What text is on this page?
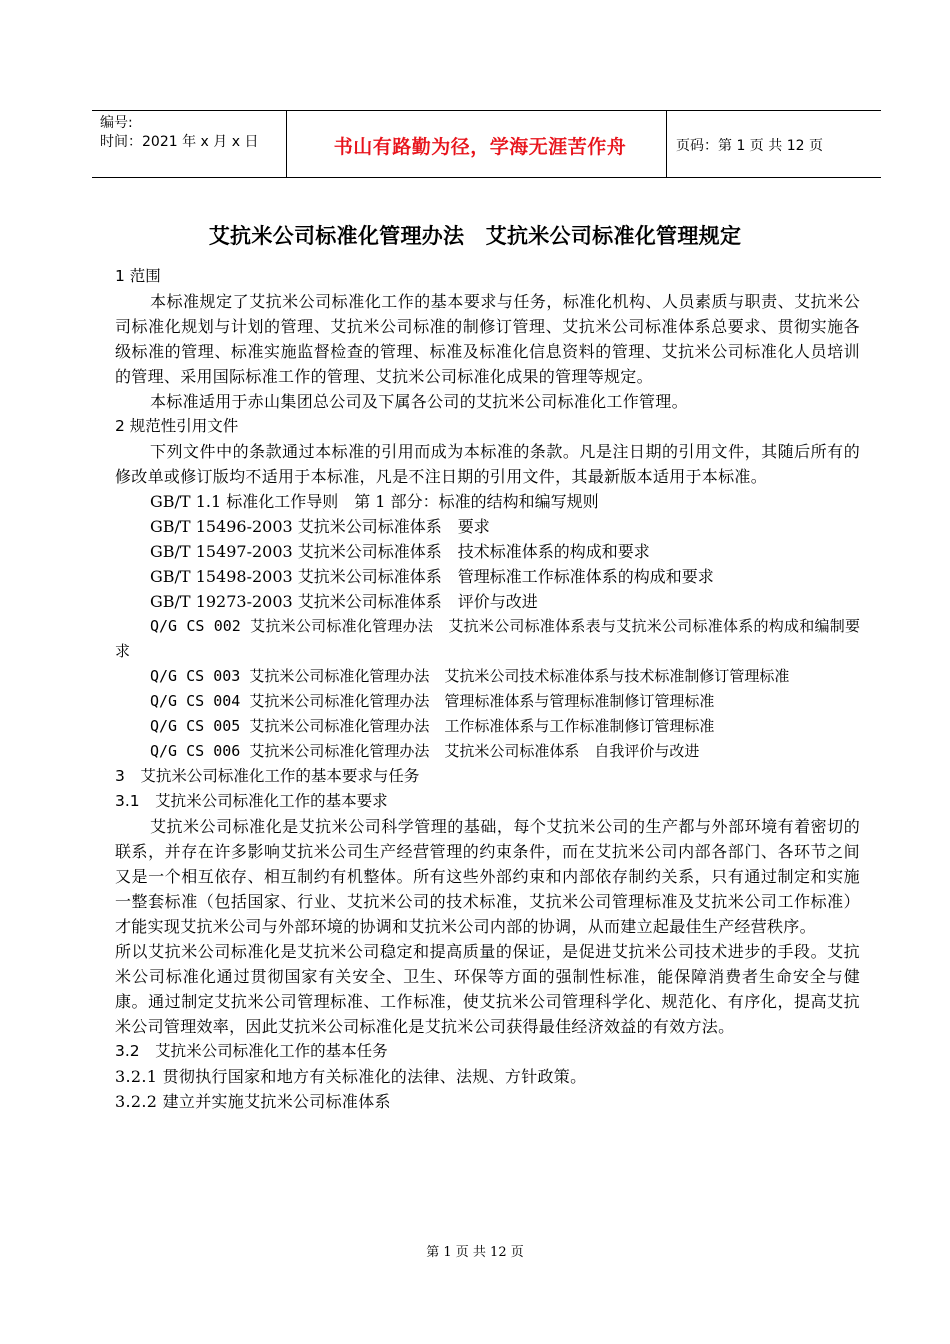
编号:
时间：2021 年 x 月 x 日	书山有路勤为径，学海无涯苦作舟	页码：第 1 页 共 12 页
艾抗米公司标准化管理办法　艾抗米公司标准化管理规定
1 范围
本标准规定了艾抗米公司标准化工作的基本要求与任务，标准化机构、人员素质与职责、艾抗米公司标准化规划与计划的管理、艾抗米公司标准的制修订管理、艾抗米公司标准体系总要求、贯彻实施各级标准的管理、标准实施监督检查的管理、标准及标准化信息资料的管理、艾抗米公司标准化人员培训的管理、采用国际标准工作的管理、艾抗米公司标准化成果的管理等规定。
本标准适用于赤山集团总公司及下属各公司的艾抗米公司标准化工作管理。
2 规范性引用文件
下列文件中的条款通过本标准的引用而成为本标准的条款。凡是注日期的引用文件，其随后所有的修改单或修订版均不适用于本标准，凡是不注日期的引用文件，其最新版本适用于本标准。
GB/T 1.1 标准化工作导则　第 1 部分：标准的结构和编写规则
GB/T 15496-2003 艾抗米公司标准体系　要求
GB/T 15497-2003 艾抗米公司标准体系　技术标准体系的构成和要求
GB/T 15498-2003 艾抗米公司标准体系　管理标准工作标准体系的构成和要求
GB/T 19273-2003 艾抗米公司标准体系　评价与改进
Q/G CS 002 艾抗米公司标准化管理办法　艾抗米公司标准体系表与艾抗米公司标准体系的构成和编制要求
Q/G CS 003 艾抗米公司标准化管理办法　艾抗米公司技术标准体系与技术标准制修订管理标准
Q/G CS 004 艾抗米公司标准化管理办法　管理标准体系与管理标准制修订管理标准
Q/G CS 005 艾抗米公司标准化管理办法　工作标准体系与工作标准制修订管理标准
Q/G CS 006 艾抗米公司标准化管理办法　艾抗米公司标准体系　自我评价与改进
3　艾抗米公司标准化工作的基本要求与任务
3.1　艾抗米公司标准化工作的基本要求
艾抗米公司标准化是艾抗米公司科学管理的基础，每个艾抗米公司的生产都与外部环境有着密切的联系，并存在许多影响艾抗米公司生产经营管理的约束条件，而在艾抗米公司内部各部门、各环节之间又是一个相互依存、相互制约有机整体。所有这些外部约束和内部依存制约关系，只有通过制定和实施一整套标准（包括国家、行业、艾抗米公司的技术标准，艾抗米公司管理标准及艾抗米公司工作标准）才能实现艾抗米公司与外部环境的协调和艾抗米公司内部的协调，从而建立起最佳生产经营秩序。
所以艾抗米公司标准化是艾抗米公司稳定和提高质量的保证，是促进艾抗米公司技术进步的手段。艾抗米公司标准化通过贯彻国家有关安全、卫生、环保等方面的强制性标准，能保障消费者生命安全与健康。通过制定艾抗米公司管理标准、工作标准，使艾抗米公司管理科学化、规范化、有序化，提高艾抗米公司管理效率，因此艾抗米公司标准化是艾抗米公司获得最佳经济效益的有效方法。
3.2　艾抗米公司标准化工作的基本任务
3.2.1 贯彻执行国家和地方有关标准化的法律、法规、方针政策。
3.2.2 建立并实施艾抗米公司标准体系
第 1 页 共 12 页
